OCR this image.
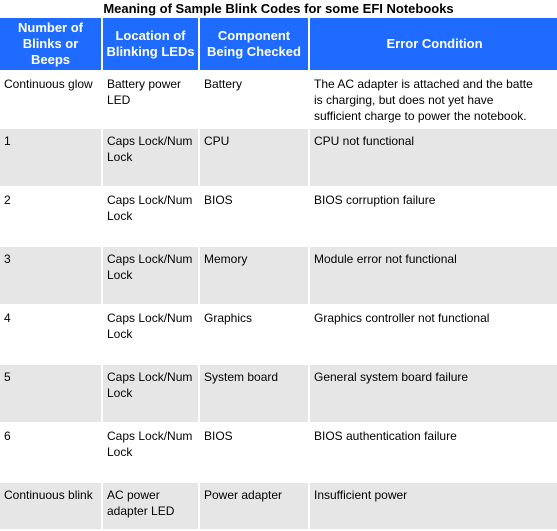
Meaning of Sample Blink Codes for some EFI Notebooks
Number of Blinks or Beeps	Location of Blinking LEDs	Component Being Checked	Error Condition
Continuous glow	Battery power LED	Battery	The AC adapter is attached and the batte
is charging, but does not yet have
sufficient charge to power the notebook.

1	Caps Lock/Num Lock	CPU	CPU not functional

2	Caps Lock/Num Lock	BIOS	BIOS corruption failure

3	Caps Lock/Num Lock	Memory	Module error not functional

4	Caps Lock/Num Lock	Graphics	Graphics controller not functional

5	Caps Lock/Num Lock	System board	General system board failure

6	Caps Lock/Num Lock	BIOS	BIOS authentication failure

Continuous blink	AC power adapter LED	Power adapter	Insufficient power
